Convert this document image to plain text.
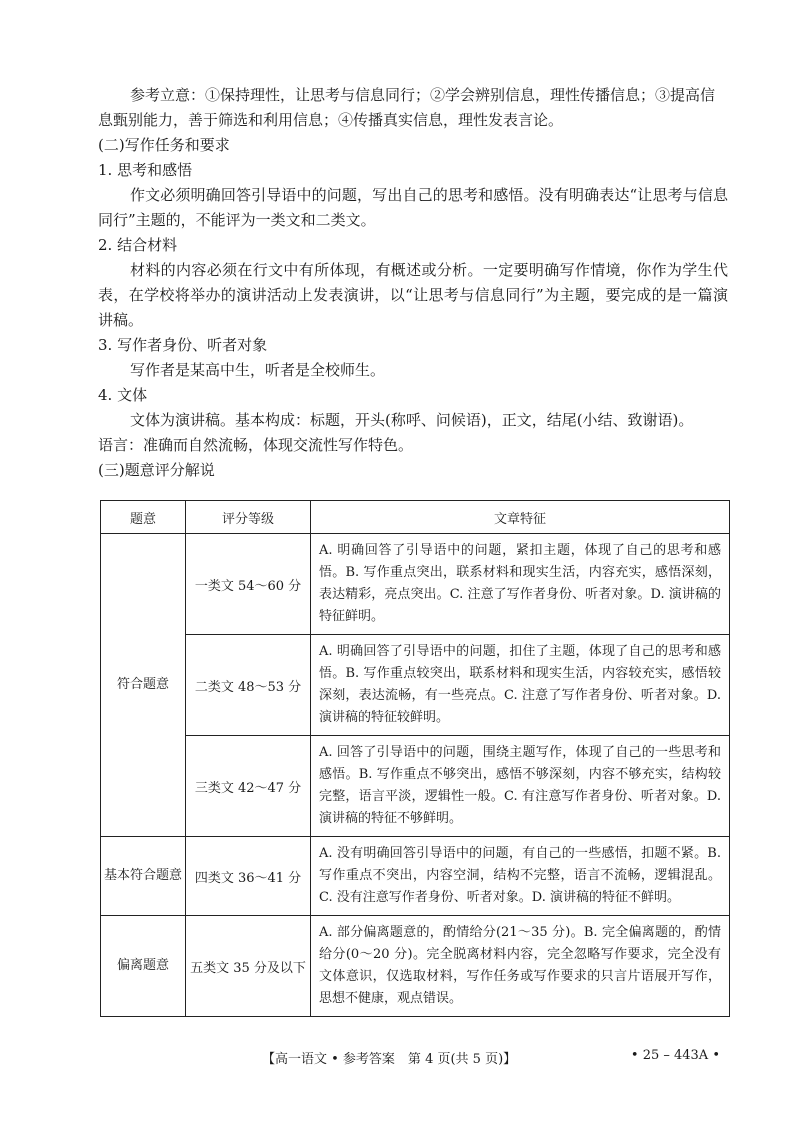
参考立意：①保持理性，让思考与信息同行；②学会辨别信息，理性传播信息；③提高信
息甄别能力，善于筛选和利用信息；④传播真实信息，理性发表言论。
(二)写作任务和要求
1. 思考和感悟
作文必须明确回答引导语中的问题，写出自己的思考和感悟。没有明确表达“让思考与信息同行”主题的，不能评为一类文和二类文。
2. 结合材料
材料的内容必须在行文中有所体现，有概述或分析。一定要明确写作情境，你作为学生代表，在学校将举办的演讲活动上发表演讲，以“让思考与信息同行”为主题，要完成的是一篇演讲稿。
3. 写作者身份、听者对象
写作者是某高中生，听者是全校师生。
4. 文体
文体为演讲稿。基本构成：标题，开头(称呼、问候语)，正文，结尾(小结、致谢语)。
语言：准确而自然流畅，体现交流性写作特色。
(三)题意评分解说
题意	评分等级	文章特征
符合题意	一类文 54～60 分	A. 明确回答了引导语中的问题，紧扣主题，体现了自己的思考和感悟。B. 写作重点突出，联系材料和现实生活，内容充实，感悟深刻，表达精彩，亮点突出。C. 注意了写作者身份、听者对象。D. 演讲稿的特征鲜明。
	二类文 48～53 分	A. 明确回答了引导语中的问题，扣住了主题，体现了自己的思考和感悟。B. 写作重点较突出，联系材料和现实生活，内容较充实，感悟较深刻，表达流畅，有一些亮点。C. 注意了写作者身份、听者对象。D. 演讲稿的特征较鲜明。
	三类文 42～47 分	A. 回答了引导语中的问题，围绕主题写作，体现了自己的一些思考和感悟。B. 写作重点不够突出，感悟不够深刻，内容不够充实，结构较完整，语言平淡，逻辑性一般。C. 有注意写作者身份、听者对象。D. 演讲稿的特征不够鲜明。
基本符合题意	四类文 36～41 分	A. 没有明确回答引导语中的问题，有自己的一些感悟，扣题不紧。B. 写作重点不突出，内容空洞，结构不完整，语言不流畅，逻辑混乱。C. 没有注意写作者身份、听者对象。D. 演讲稿的特征不鲜明。
偏离题意	五类文 35 分及以下	A. 部分偏离题意的，酌情给分(21～35 分)。B. 完全偏离题的，酌情给分(0～20 分)。完全脱离材料内容，完全忽略写作要求，完全没有文体意识，仅选取材料，写作任务或写作要求的只言片语展开写作，思想不健康，观点错误。
【高一语文 • 参考答案　第 4 页(共 5 页)】	• 25 – 443A •
